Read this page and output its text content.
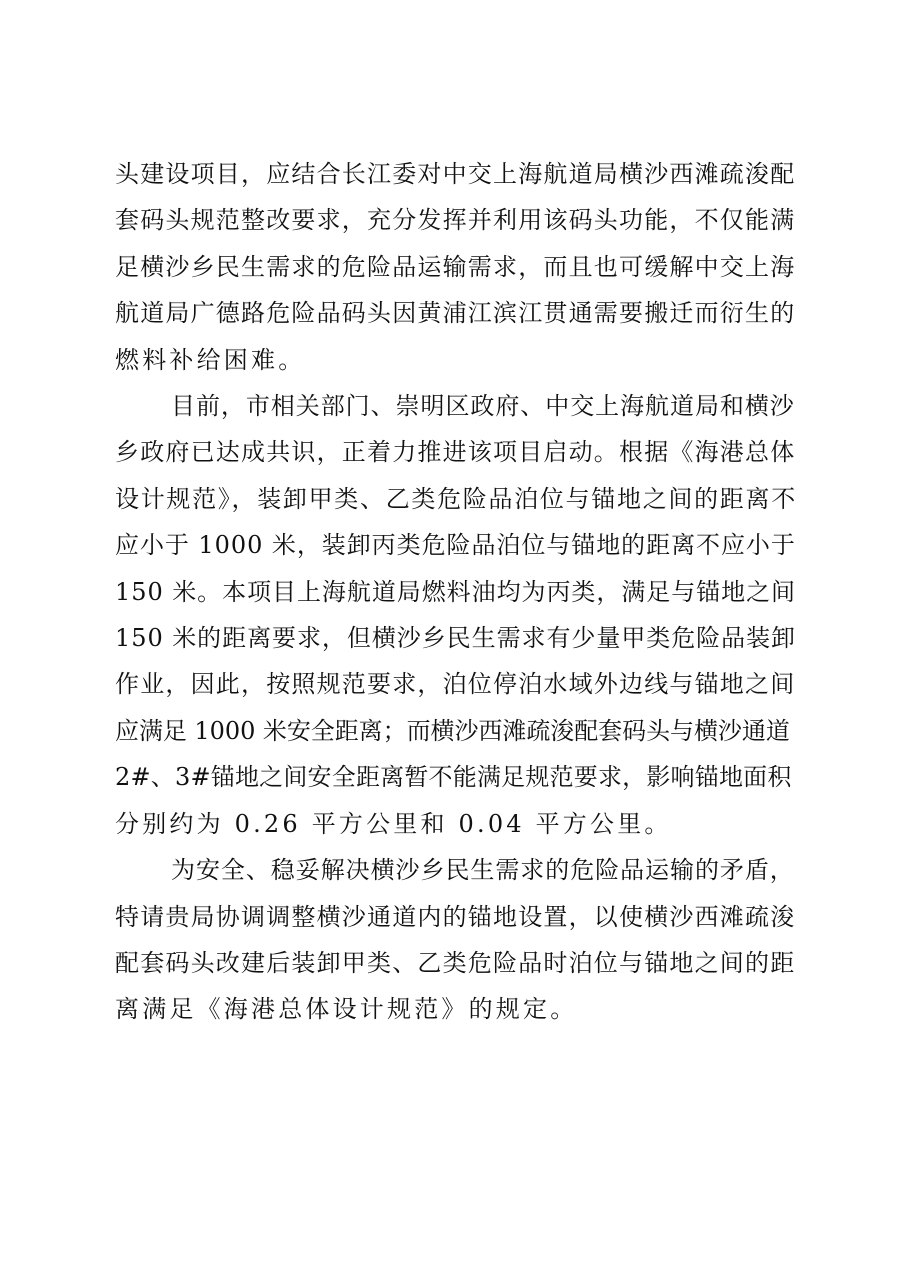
头建设项目，应结合长江委对中交上海航道局横沙西滩疏浚配
套码头规范整改要求，充分发挥并利用该码头功能，不仅能满
足横沙乡民生需求的危险品运输需求，而且也可缓解中交上海
航道局广德路危险品码头因黄浦江滨江贯通需要搬迁而衍生的
燃料补给困难。

目前，市相关部门、崇明区政府、中交上海航道局和横沙
乡政府已达成共识，正着力推进该项目启动。根据《海港总体
设计规范》，装卸甲类、乙类危险品泊位与锚地之间的距离不
应小于 1000 米，装卸丙类危险品泊位与锚地的距离不应小于
150 米。本项目上海航道局燃料油均为丙类，满足与锚地之间
150 米的距离要求，但横沙乡民生需求有少量甲类危险品装卸
作业，因此，按照规范要求，泊位停泊水域外边线与锚地之间
应满足 1000 米安全距离；而横沙西滩疏浚配套码头与横沙通道
2#、3#锚地之间安全距离暂不能满足规范要求，影响锚地面积
分别约为 0.26 平方公里和 0.04 平方公里。

为安全、稳妥解决横沙乡民生需求的危险品运输的矛盾，
特请贵局协调调整横沙通道内的锚地设置，以使横沙西滩疏浚
配套码头改建后装卸甲类、乙类危险品时泊位与锚地之间的距
离满足《海港总体设计规范》的规定。
